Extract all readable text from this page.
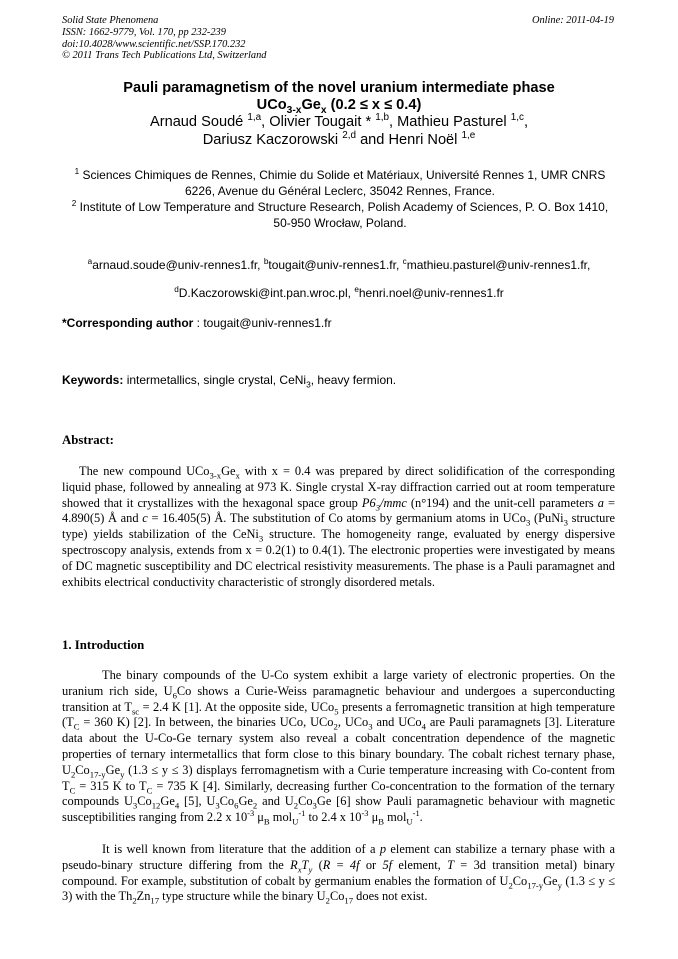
Solid State Phenomena
ISSN: 1662-9779, Vol. 170, pp 232-239
doi:10.4028/www.scientific.net/SSP.170.232
© 2011 Trans Tech Publications Ltd, Switzerland
Online: 2011-04-19
Pauli paramagnetism of the novel uranium intermediate phase
$UCo_{3-x}Ge_x$ (0.2 ≤ x ≤ 0.4)
Arnaud Soudé $^{1,a}$, Olivier Tougait * $^{1,b}$, Mathieu Pasturel $^{1,c}$,
Dariusz Kaczorowski $^{2,d}$ and Henri Noël $^{1,e}$
$^1$ Sciences Chimiques de Rennes, Chimie du Solide et Matériaux, Université Rennes 1, UMR CNRS 6226, Avenue du Général Leclerc, 35042 Rennes, France.
$^2$ Institute of Low Temperature and Structure Research, Polish Academy of Sciences, P. O. Box 1410, 50-950 Wrocław, Poland.
$^a$arnaud.soude@univ-rennes1.fr, $^b$tougait@univ-rennes1.fr, $^c$mathieu.pasturel@univ-rennes1.fr,
$^d$D.Kaczorowski@int.pan.wroc.pl, $^e$henri.noel@univ-rennes1.fr
*Corresponding author : tougait@univ-rennes1.fr
Keywords: intermetallics, single crystal, CeNi$_3$, heavy fermion.
Abstract:
The new compound $UCo_{3-x}Ge_x$ with x = 0.4 was prepared by direct solidification of the corresponding liquid phase, followed by annealing at 973 K. Single crystal X-ray diffraction carried out at room temperature showed that it crystallizes with the hexagonal space group $P6_3$/mmc (n°194) and the unit-cell parameters a = 4.890(5) Å and c = 16.405(5) Å. The substitution of Co atoms by germanium atoms in UCo$_3$ (PuNi$_3$ structure type) yields stabilization of the CeNi$_3$ structure. The homogeneity range, evaluated by energy dispersive spectroscopy analysis, extends from x = 0.2(1) to 0.4(1). The electronic properties were investigated by means of DC magnetic susceptibility and DC electrical resistivity measurements. The phase is a Pauli paramagnet and exhibits electrical conductivity characteristic of strongly disordered metals.
1. Introduction
The binary compounds of the U-Co system exhibit a large variety of electronic properties. On the uranium rich side, $U_6Co$ shows a Curie-Weiss paramagnetic behaviour and undergoes a superconducting transition at $T_{sc} = 2.4$ K [1]. At the opposite side, UCo$_5$ presents a ferromagnetic transition at high temperature ($T_C = 360$ K) [2]. In between, the binaries UCo, UCo$_2$, UCo$_3$ and UCo$_4$ are Pauli paramagnets [3]. Literature data about the U-Co-Ge ternary system also reveal a cobalt concentration dependence of the magnetic properties of ternary intermetallics that form close to this binary boundary. The cobalt richest ternary phase, $U_2Co_{17-y}Ge_y$ (1.3 ≤ y ≤ 3) displays ferromagnetism with a Curie temperature increasing with Co-content from $T_C = 315$ K to $T_C = 735$ K [4]. Similarly, decreasing further Co-concentration to the formation of the ternary compounds $U_3Co_{12}Ge_4$ [5], $U_3Co_6Ge_2$ and $U_2Co_3Ge$ [6] show Pauli paramagnetic behaviour with magnetic susceptibilities ranging from 2.2 x $10^{-3}$ $\mu_B$ mol$_U^{-1}$ to 2.4 x $10^{-3}$ $\mu_B$ mol$_U^{-1}$.
It is well known from literature that the addition of a p element can stabilize a ternary phase with a pseudo-binary structure differing from the $R_xT_y$ (R = 4f or 5f element, T = 3d transition metal) binary compound. For example, substitution of cobalt by germanium enables the formation of $U_2Co_{17-y}Ge_y$ (1.3 ≤ y ≤ 3) with the $Th_2Zn_{17}$ type structure while the binary $U_2Co_{17}$ does not exist.
